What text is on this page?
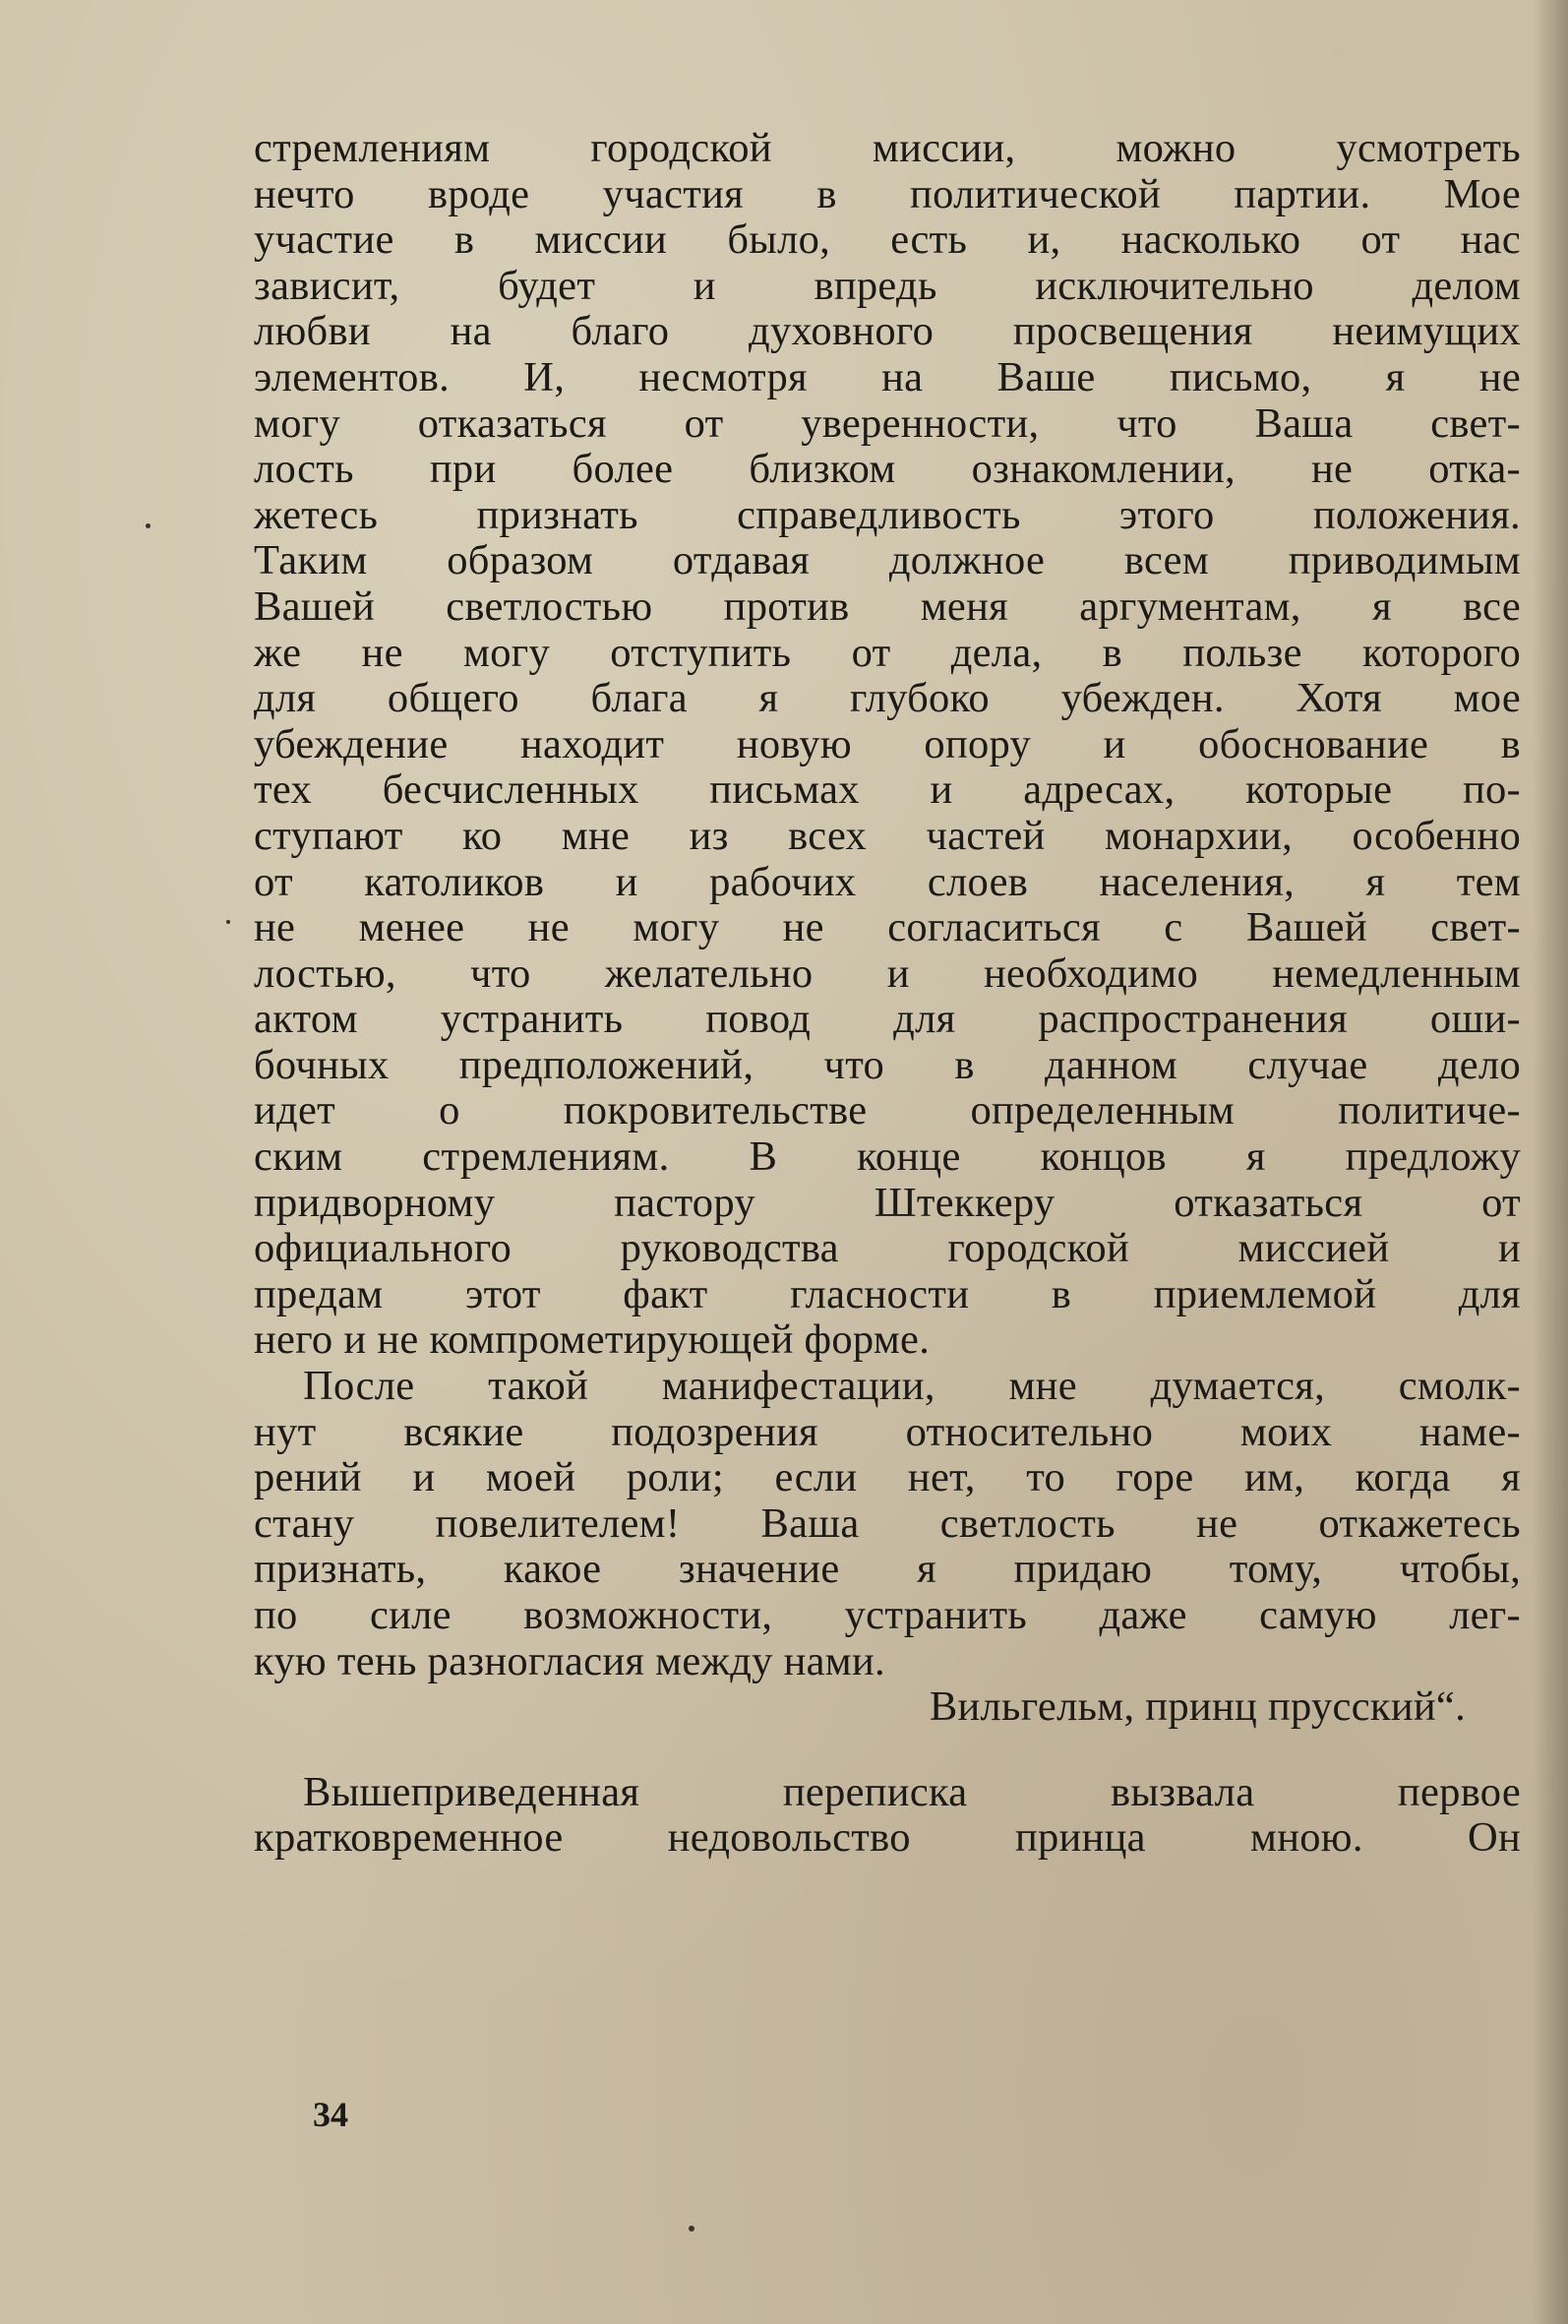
стремлениям городской миссии, можно усмотреть
нечто вроде участия в политической партии. Мое
участие в миссии было, есть и, насколько от нас
зависит, будет и впредь исключительно делом
любви на благо духовного просвещения неимущих
элементов. И, несмотря на Ваше письмо, я не
могу отказаться от уверенности, что Ваша свет-
лость при более близком ознакомлении, не отка-
жетесь признать справедливость этого положения.
Таким образом отдавая должное всем приводимым
Вашей светлостью против меня аргументам, я все
же не могу отступить от дела, в пользе которого
для общего блага я глубоко убежден. Хотя мое
убеждение находит новую опору и обоснование в
тех бесчисленных письмах и адресах, которые по-
ступают ко мне из всех частей монархии, особенно
от католиков и рабочих слоев населения, я тем
не менее не могу не согласиться с Вашей свет-
лостью, что желательно и необходимо немедленным
актом устранить повод для распространения оши-
бочных предположений, что в данном случае дело
идет о покровительстве определенным политиче-
ским стремлениям. В конце концов я предложу
придворному пастору Штеккеру отказаться от
официального руководства городской миссией и
предам этот факт гласности в приемлемой для
него и не компрометирующей форме.
После такой манифестации, мне думается, смолк-
нут всякие подозрения относительно моих наме-
рений и моей роли; если нет, то горе им, когда я
стану повелителем! Ваша светлость не откажетесь
признать, какое значение я придаю тому, чтобы,
по силе возможности, устранить даже самую лег-
кую тень разногласия между нами.
Вильгельм, принц прусский“.
Вышеприведенная переписка вызвала первое
кратковременное недовольство принца мною. Он
34
